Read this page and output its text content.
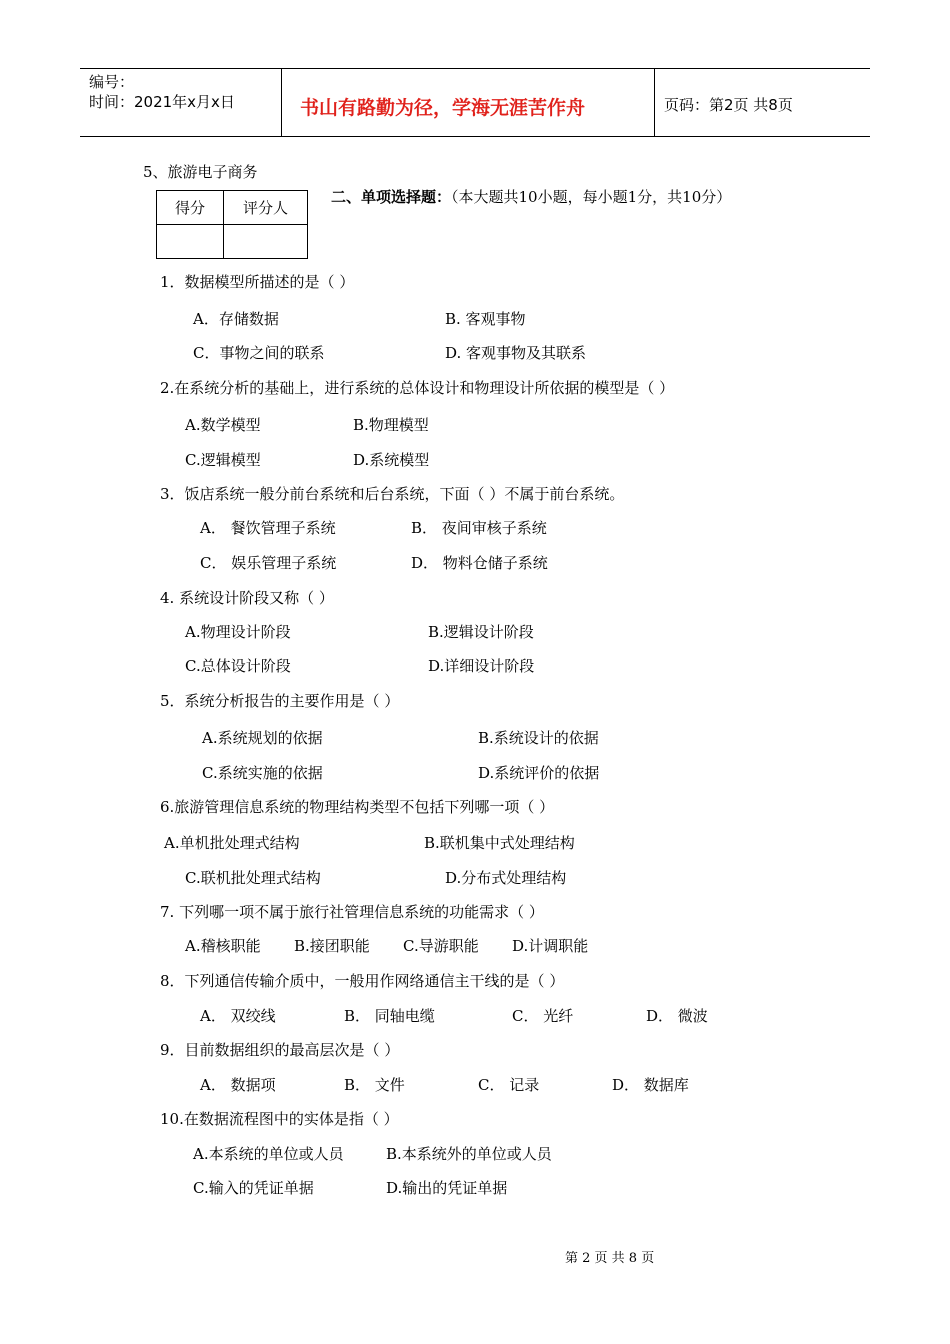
编号：
时间：2021年x月x日	书山有路勤为径，学海无涯苦作舟	页码：第2页 共8页
5、旅游电子商务
得分	评分人

二、单项选择题：（本大题共10小题，每小题1分，共10分）
1．数据模型所描述的是（ ）
A．存储数据	B. 客观事物
C．事物之间的联系	D. 客观事物及其联系
2.在系统分析的基础上，进行系统的总体设计和物理设计所依据的模型是（ ）
A.数学模型	B.物理模型
C.逻辑模型	D.系统模型
3．饭店系统一般分前台系统和后台系统，下面（ ）不属于前台系统。
A． 餐饮管理子系统	B． 夜间审核子系统
C． 娱乐管理子系统	D． 物料仓储子系统
4. 系统设计阶段又称（ ）
A.物理设计阶段	B.逻辑设计阶段
C.总体设计阶段	D.详细设计阶段
5．系统分析报告的主要作用是（ ）
A.系统规划的依据	B.系统设计的依据
C.系统实施的依据	D.系统评价的依据
6.旅游管理信息系统的物理结构类型不包括下列哪一项（ ）
A.单机批处理式结构	B.联机集中式处理结构
C.联机批处理式结构	D.分布式处理结构
7. 下列哪一项不属于旅行社管理信息系统的功能需求（ ）
A.稽核职能 B.接团职能 C.导游职能 D.计调职能
8．下列通信传输介质中，一般用作网络通信主干线的是（ ）
A． 双绞线	B． 同轴电缆	C． 光纤	D． 微波
9．目前数据组织的最高层次是（ ）
A． 数据项	B． 文件	C． 记录	D． 数据库
10.在数据流程图中的实体是指（ ）
A.本系统的单位或人员	B.本系统外的单位或人员
C.输入的凭证单据	D.输出的凭证单据
第 2 页 共 8 页
